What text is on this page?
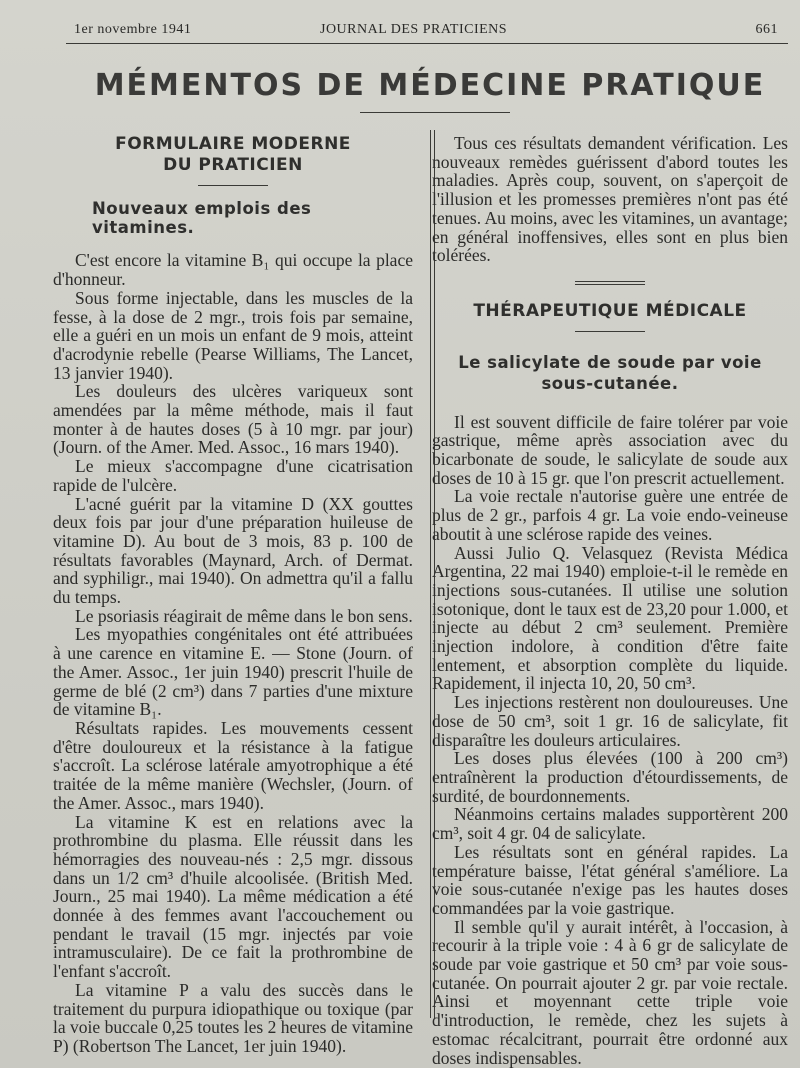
1er novembre 1941	JOURNAL DES PRATICIENS	661
MÉMENTOS DE MÉDECINE PRATIQUE
FORMULAIRE MODERNE
DU PRATICIEN
Nouveaux emplois des vitamines.

C'est encore la vitamine B₁ qui occupe la place d'honneur.

Sous forme injectable, dans les muscles de la fesse, à la dose de 2 mgr., trois fois par semaine, elle a guéri en un mois un enfant de 9 mois, atteint d'acrodynie rebelle (Pearse Williams, The Lancet, 13 janvier 1940).

Les douleurs des ulcères variqueux sont amendées par la même méthode, mais il faut monter à de hautes doses (5 à 10 mgr. par jour) (Journ. of the Amer. Med. Assoc., 16 mars 1940).

Le mieux s'accompagne d'une cicatrisation rapide de l'ulcère.

L'acné guérit par la vitamine D (XX gouttes deux fois par jour d'une préparation huileuse de vitamine D). Au bout de 3 mois, 83 p. 100 de résultats favorables (Maynard, Arch. of Dermat. and syphiligr., mai 1940). On admettra qu'il a fallu du temps.

Le psoriasis réagirait de même dans le bon sens.

Les myopathies congénitales ont été attribuées à une carence en vitamine E. — Stone (Journ. of the Amer. Assoc., 1er juin 1940) prescrit l'huile de germe de blé (2 cm³) dans 7 parties d'une mixture de vitamine B₁.

Résultats rapides. Les mouvements cessent d'être douloureux et la résistance à la fatigue s'accroît. La sclérose latérale amyotrophique a été traitée de la même manière (Wechsler, (Journ. of the Amer. Assoc., mars 1940).

La vitamine K est en relations avec la prothrombine du plasma. Elle réussit dans les hémorragies des nouveau-nés : 2,5 mgr. dissous dans un 1/2 cm³ d'huile alcoolisée. (British Med. Journ., 25 mai 1940). La même médication a été donnée à des femmes avant l'accouchement ou pendant le travail (15 mgr. injectés par voie intramusculaire). De ce fait la prothrombine de l'enfant s'accroît.

La vitamine P a valu des succès dans le traitement du purpura idiopathique ou toxique (par la voie buccale 0,25 toutes les 2 heures de vitamine P) (Robertson The Lancet, 1er juin 1940).

Tous ces résultats demandent vérification. Les nouveaux remèdes guérissent d'abord toutes les maladies. Après coup, souvent, on s'aperçoit de l'illusion et les promesses premières n'ont pas été tenues. Au moins, avec les vitamines, un avantage; en général inoffensives, elles sont en plus bien tolérées.

THÉRAPEUTIQUE MÉDICALE
Le salicylate de soude par voie sous-cutanée.

Il est souvent difficile de faire tolérer par voie gastrique, même après association avec du bicarbonate de soude, le salicylate de soude aux doses de 10 à 15 gr. que l'on prescrit actuellement.

La voie rectale n'autorise guère une entrée de plus de 2 gr., parfois 4 gr. La voie endo-veineuse aboutit à une sclérose rapide des veines.

Aussi Julio Q. Velasquez (Revista Médica Argentina, 22 mai 1940) emploie-t-il le remède en injections sous-cutanées. Il utilise une solution isotonique, dont le taux est de 23,20 pour 1.000, et injecte au début 2 cm³ seulement. Première injection indolore, à condition d'être faite lentement, et absorption complète du liquide. Rapidement, il injecta 10, 20, 50 cm³.

Les injections restèrent non douloureuses. Une dose de 50 cm³, soit 1 gr. 16 de salicylate, fit disparaître les douleurs articulaires.

Les doses plus élevées (100 à 200 cm³) entraînèrent la production d'étourdissements, de surdité, de bourdonnements.

Néanmoins certains malades supportèrent 200 cm³, soit 4 gr. 04 de salicylate.

Les résultats sont en général rapides. La température baisse, l'état général s'améliore. La voie sous-cutanée n'exige pas les hautes doses commandées par la voie gastrique.

Il semble qu'il y aurait intérêt, à l'occasion, à recourir à la triple voie : 4 à 6 gr de salicylate de soude par voie gastrique et 50 cm³ par voie sous-cutanée. On pourrait ajouter 2 gr. par voie rectale. Ainsi et moyennant cette triple voie d'introduction, le remède, chez les sujets à estomac récalcitrant, pourrait être ordonné aux doses indispensables.
